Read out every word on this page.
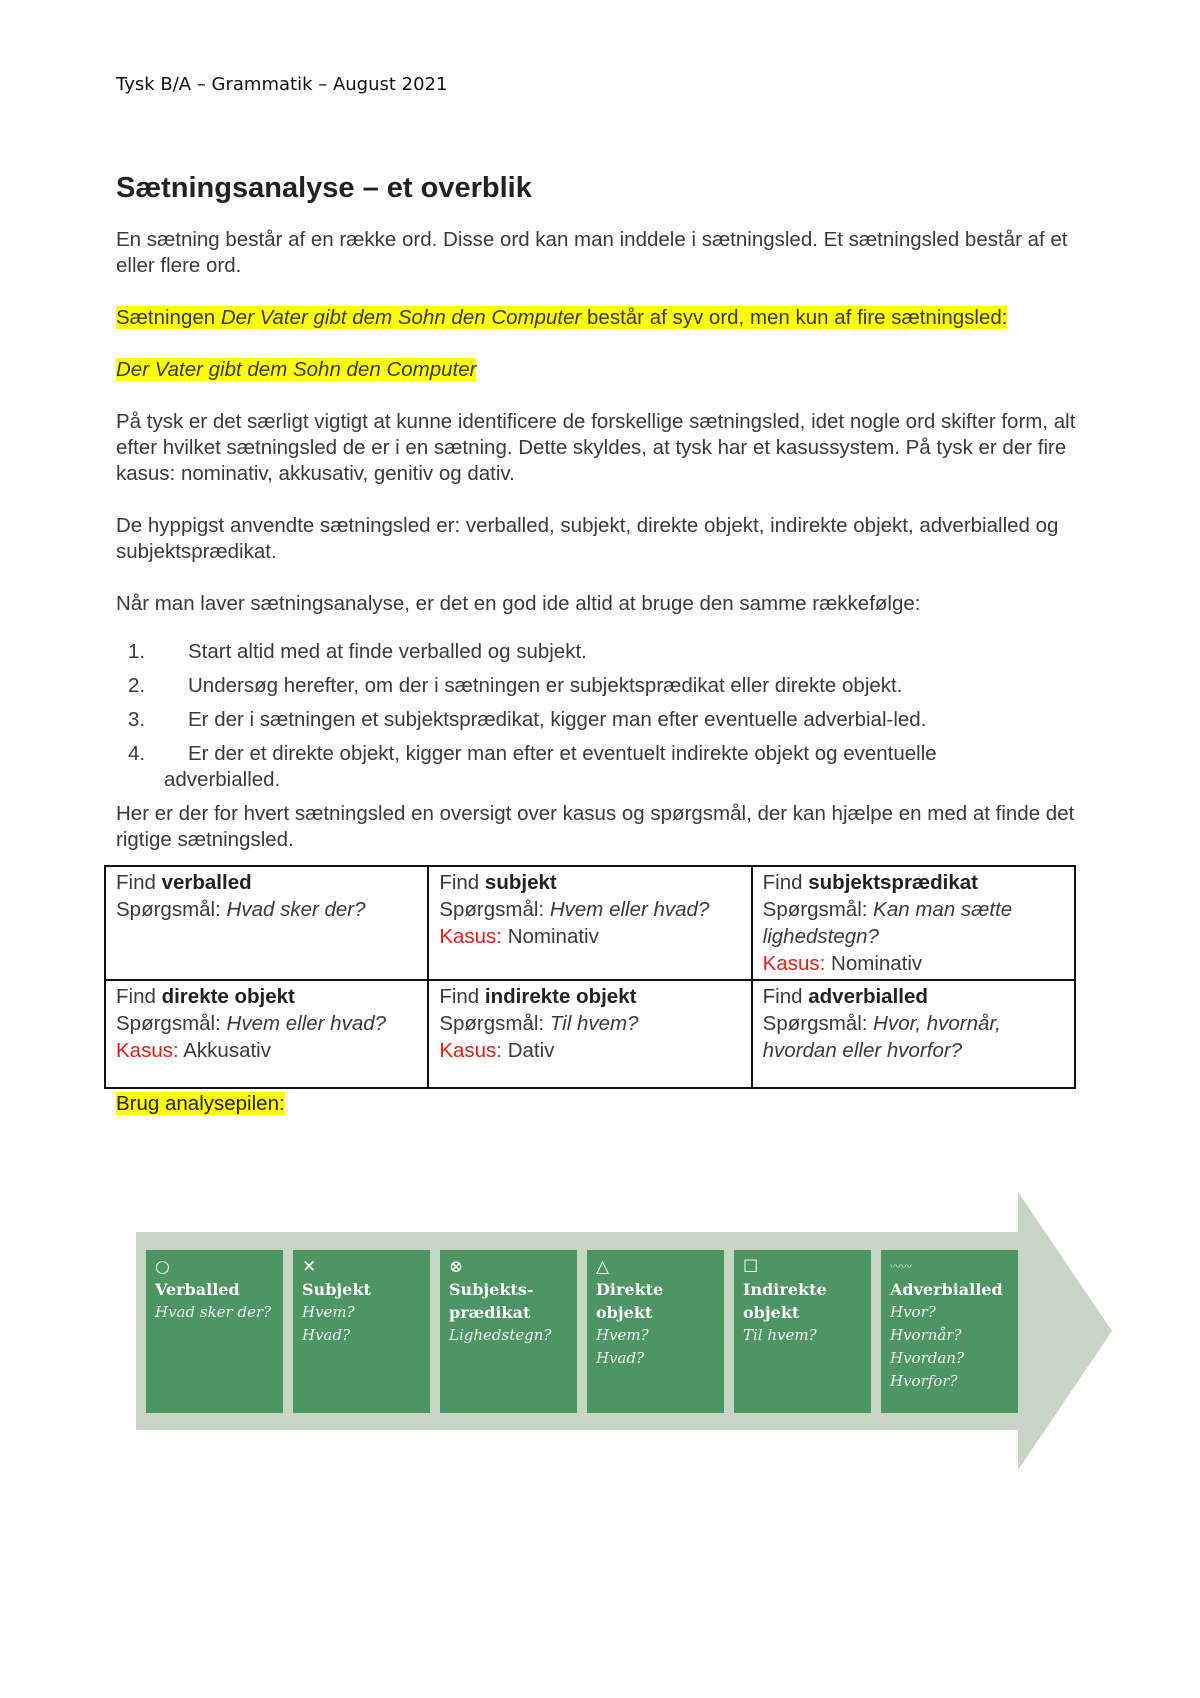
Tysk B/A – Grammatik – August 2021
Sætningsanalyse – et overblik

En sætning består af en række ord. Disse ord kan man inddele i sætningsled. Et sætningsled består af et eller flere ord.

Sætningen Der Vater gibt dem Sohn den Computer består af syv ord, men kun af fire sætningsled:

Der Vater gibt dem Sohn den Computer

På tysk er det særligt vigtigt at kunne identificere de forskellige sætningsled, idet nogle ord skifter form, alt efter hvilket sætningsled de er i en sætning. Dette skyldes, at tysk har et kasussystem. På tysk er der fire kasus: nominativ, akkusativ, genitiv og dativ.

De hyppigst anvendte sætningsled er: verballed, subjekt, direkte objekt, indirekte objekt, adverbialled og subjektsprædikat.

Når man laver sætningsanalyse, er det en god ide altid at bruge den samme rækkefølge:

1. Start altid med at finde verballed og subjekt.
2. Undersøg herefter, om der i sætningen er subjektsprædikat eller direkte objekt.
3. Er der i sætningen et subjektsprædikat, kigger man efter eventuelle adverbial-led.
4. Er der et direkte objekt, kigger man efter et eventuelt indirekte objekt og eventuelle
adverbialled.

Her er der for hvert sætningsled en oversigt over kasus og spørgsmål, der kan hjælpe en med at finde det rigtige sætningsled.

Find verballed
Spørgsmål: Hvad sker der?	Find subjekt
Spørgsmål: Hvem eller hvad?
Kasus: Nominativ	Find subjektsprædikat
Spørgsmål: Kan man sætte lighedstegn?
Kasus: Nominativ
Find direkte objekt
Spørgsmål: Hvem eller hvad?
Kasus: Akkusativ	Find indirekte objekt
Spørgsmål: Til hvem?
Kasus: Dativ	Find adverbialled
Spørgsmål: Hvor, hvornår, hvordan eller hvorfor?
Brug analysepilen:
○
Verballed
Hvad sker der?
✕
Subjekt
Hvem?
Hvad?
⊗
Subjekts-
prædikat
Lighedstegn?
△
Direkte
objekt
Hvem?
Hvad?
☐
Indirekte
objekt
Til hvem?
〰〰
Adverbialled
Hvor?
Hvornår?
Hvordan?
Hvorfor?
